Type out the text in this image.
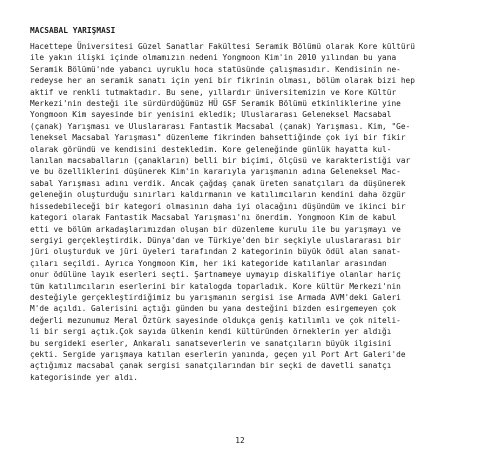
MACSABAL YARIŞMASI
Hacettepe Üniversitesi Güzel Sanatlar Fakültesi Seramik Bölümü olarak Kore kültürü
ile yakın ilişki içinde olmamızın nedeni Yongmoon Kim'in 2010 yılından bu yana
Seramik Bölümü'nde yabancı uyruklu hoca statüsünde çalışmasıdır. Kendisinin ne-
redeyse her an seramik sanatı için yeni bir fikrinin olması, bölüm olarak bizi hep
aktif ve renkli tutmaktadır. Bu sene, yıllardır üniversitemizin ve Kore Kültür
Merkezi'nin desteği ile sürdürdüğümüz HÜ GSF Seramik Bölümü etkinliklerine yine
Yongmoon Kim sayesinde bir yenisini ekledik; Uluslararası Geleneksel Macsabal
(çanak) Yarışması ve Uluslararası Fantastik Macsabal (çanak) Yarışması. Kim, "Ge-
leneksel Macsabal Yarışması" düzenleme fikrinden bahsettiğinde çok iyi bir fikir
olarak göründü ve kendisini destekledim. Kore geleneğinde günlük hayatta kul-
lanılan macsabalların (çanakların) belli bir biçimi, ölçüsü ve karakteristiği var
ve bu özelliklerini düşünerek Kim'in kararıyla yarışmanın adına Geleneksel Mac-
sabal Yarışması adını verdik. Ancak çağdaş çanak üreten sanatçıları da düşünerek
geleneğin oluşturduğu sınırları kaldırmanın ve katılımcıların kendini daha özgür
hissedebileceği bir kategori olmasının daha iyi olacağını düşündüm ve ikinci bir
kategori olarak Fantastik Macsabal Yarışması'nı önerdim. Yongmoon Kim de kabul
etti ve bölüm arkadaşlarımızdan oluşan bir düzenleme kurulu ile bu yarışmayı ve
sergiyi gerçekleştirdik. Dünya'dan ve Türkiye'den bir seçkiyle uluslararası bir
jüri oluşturduk ve jüri üyeleri tarafından 2 kategorinin büyük ödül alan sanat-
çıları seçildi. Ayrıca Yongmoon Kim, her iki kategoride katılanlar arasından
onur ödülüne layık eserleri seçti. Şartnameye uymayıp diskalifiye olanlar hariç
tüm katılımcıların eserlerini bir katalogda toparladık. Kore kültür Merkezi'nin
desteğiyle gerçekleştirdiğimiz bu yarışmanın sergisi ise Armada AVM'deki Galeri
M'de açıldı. Galerisini açtığı günden bu yana desteğini bizden esirgemeyen çok
değerli mezunumuz Meral Öztürk sayesinde oldukça geniş katılımlı ve çok niteli-
li bir sergi açtık.Çok sayıda ülkenin kendi kültüründen örneklerin yer aldığı
bu sergideki eserler, Ankaralı sanatseverlerin ve sanatçıların büyük ilgisini
çekti. Sergide yarışmaya katılan eserlerin yanında, geçen yıl Port Art Galeri'de
açtığımız macsabal çanak sergisi sanatçılarından bir seçki de davetli sanatçı
kategorisinde yer aldı.
12
